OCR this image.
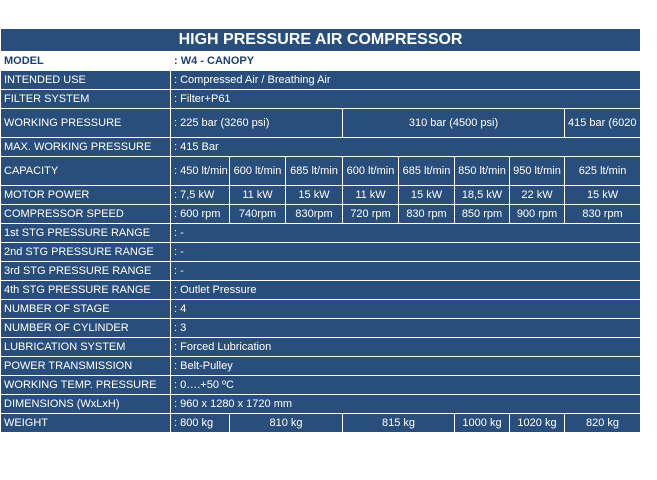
HIGH PRESSURE AIR COMPRESSOR								
MODEL	: W4 - CANOPY							
INTENDED USE	: Compressed Air / Breathing Air							
FILTER SYSTEM	: Filter+P61							
WORKING PRESSURE	: 225 bar (3260 psi)			310 bar (4500 psi)				415 bar (6020 psi)
MAX. WORKING PRESSURE	: 415 Bar							
CAPACITY	: 450 lt/min	600 lt/min	685 lt/min	600 lt/min	685 lt/min	850 lt/min	950 lt/min	625 lt/min
MOTOR POWER	: 7,5 kW	11 kW	15 kW	11 kW	15 kW	18,5 kW	22 kW	15 kW
COMPRESSOR SPEED	: 600 rpm	740rpm	830rpm	720 rpm	830 rpm	850 rpm	900 rpm	830 rpm
1st STG PRESSURE RANGE	: -							
2nd STG PRESSURE RANGE	: -							
3rd STG PRESSURE RANGE	: -							
4th STG PRESSURE RANGE	: Outlet Pressure							
NUMBER OF STAGE	: 4							
NUMBER OF CYLINDER	: 3							
LUBRICATION SYSTEM	: Forced Lubrication							
POWER TRANSMISSION	: Belt-Pulley							
WORKING TEMP. PRESSURE	: 0….+50 ºC							
DIMENSIONS (WxLxH)	: 960 x 1280 x 1720 mm							
WEIGHT	: 800 kg	810 kg		815 kg		1000 kg	1020 kg	820 kg
